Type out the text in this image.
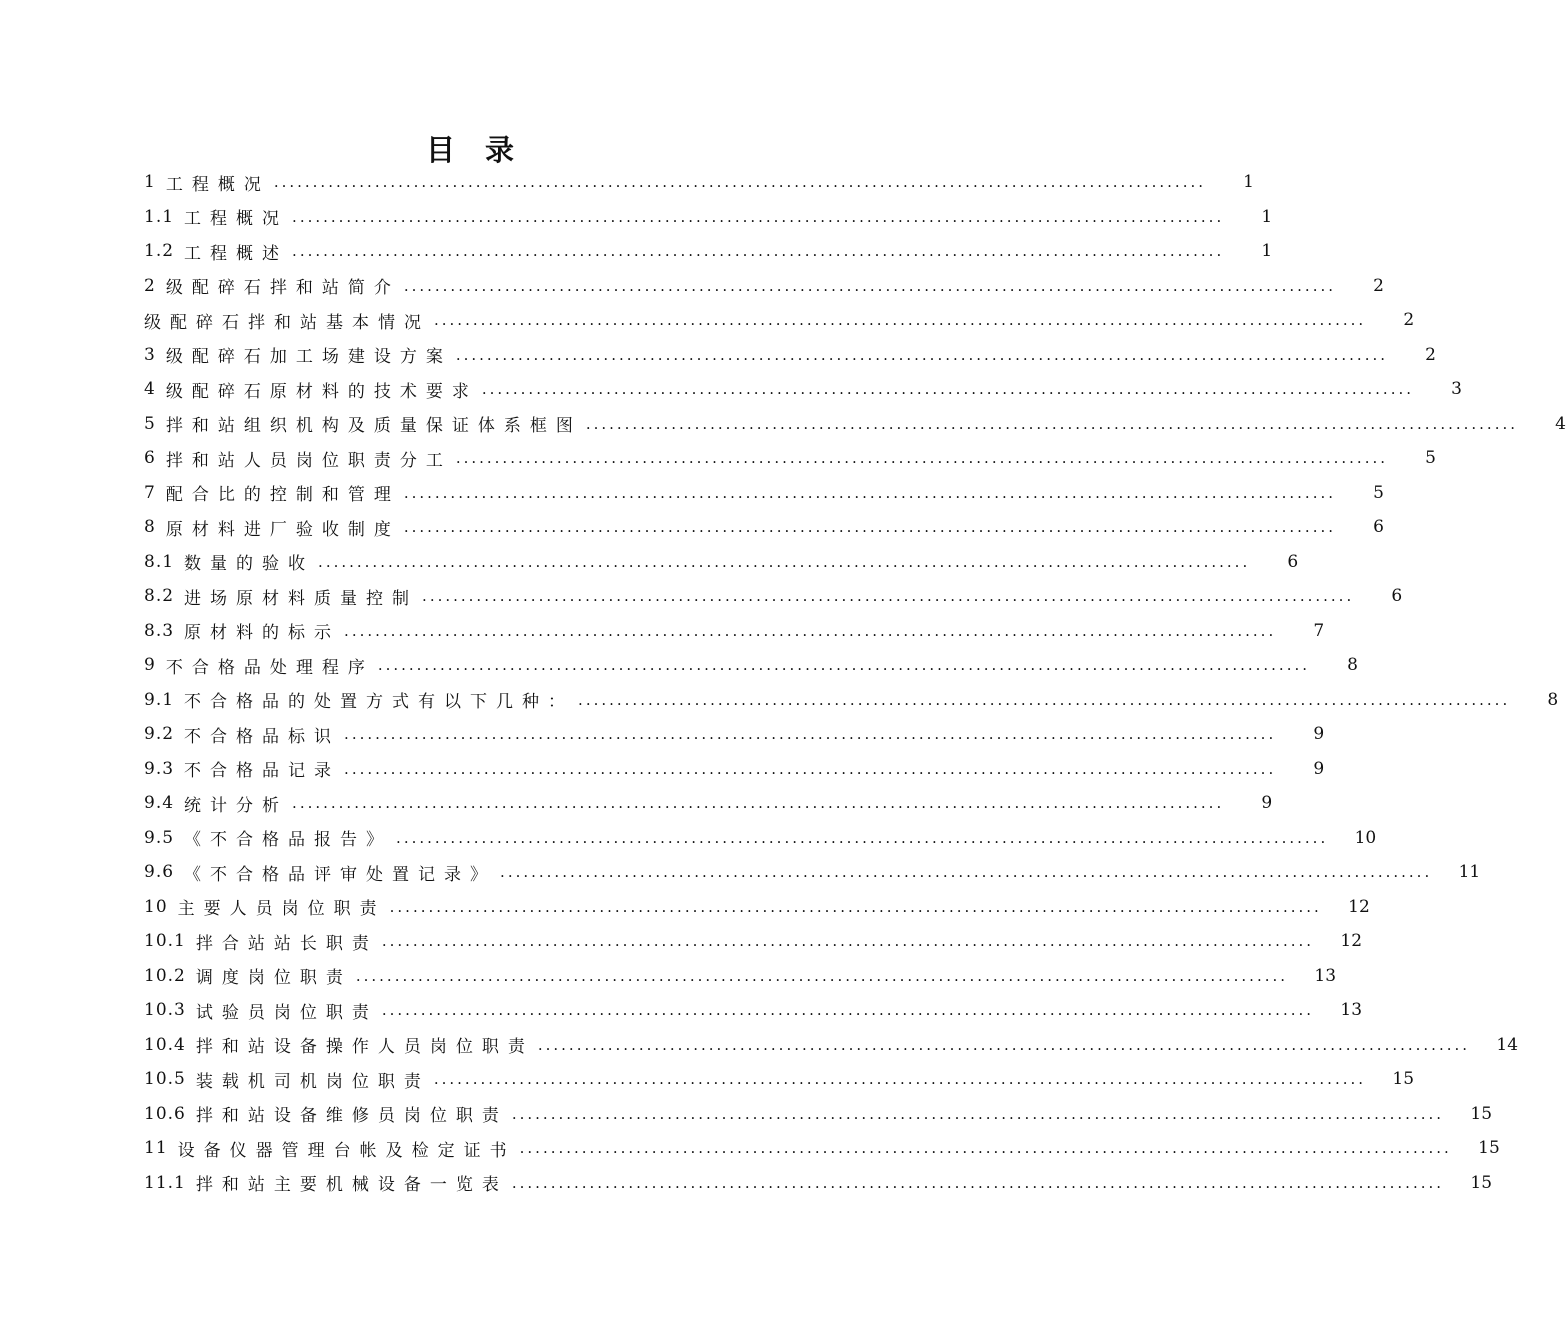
目 录
1 工程概况 ........................................................................................................................	1
1.1 工程概况 ........................................................................................................................	1
1.2 工程概述 ........................................................................................................................	1
2 级配碎石拌和站简介 ........................................................................................................................	2
级配碎石拌和站基本情况 ........................................................................................................................	2
3 级配碎石加工场建设方案 ........................................................................................................................	2
4 级配碎石原材料的技术要求 ........................................................................................................................	3
5 拌和站组织机构及质量保证体系框图 ........................................................................................................................	4
6 拌和站人员岗位职责分工 ........................................................................................................................	5
7 配合比的控制和管理 ........................................................................................................................	5
8 原材料进厂验收制度 ........................................................................................................................	6
8.1 数量的验收 ........................................................................................................................	6
8.2 进场原材料质量控制 ........................................................................................................................	6
8.3 原材料的标示 ........................................................................................................................	7
9 不合格品处理程序 ........................................................................................................................	8
9.1 不合格品的处置方式有以下几种： ........................................................................................................................	8
9.2 不合格品标识 ........................................................................................................................	9
9.3 不合格品记录 ........................................................................................................................	9
9.4 统计分析 ........................................................................................................................	9
9.5 《不合格品报告》 ........................................................................................................................	10
9.6 《不合格品评审处置记录》 ........................................................................................................................	11
10 主要人员岗位职责 ........................................................................................................................	12
10.1 拌合站站长职责 ........................................................................................................................	12
10.2 调度岗位职责 ........................................................................................................................	13
10.3 试验员岗位职责 ........................................................................................................................	13
10.4 拌和站设备操作人员岗位职责 ........................................................................................................................	14
10.5 装载机司机岗位职责 ........................................................................................................................	15
10.6 拌和站设备维修员岗位职责 ........................................................................................................................	15
11 设备仪器管理台帐及检定证书 ........................................................................................................................	15
11.1 拌和站主要机械设备一览表 ........................................................................................................................	15
